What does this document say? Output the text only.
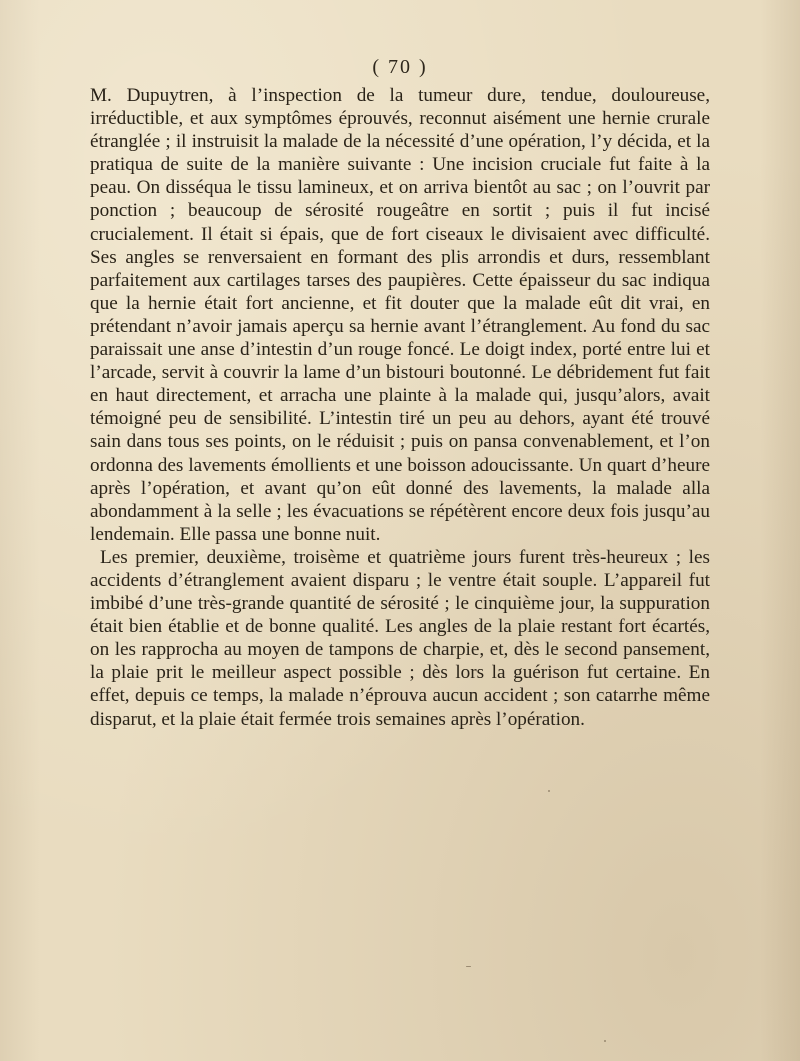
( 70 )

M. Dupuytren, à l’inspection de la tumeur dure, tendue, douloureuse, irréductible, et aux symptômes éprouvés, reconnut aisément une hernie crurale étranglée ; il instruisit la malade de la nécessité d’une opération, l’y décida, et la pratiqua de suite de la manière suivante : Une incision cruciale fut faite à la peau. On disséqua le tissu lamineux, et on arriva bientôt au sac ; on l’ouvrit par ponction ; beaucoup de sérosité rougeâtre en sortit ; puis il fut incisé crucialement. Il était si épais, que de fort ciseaux le divisaient avec difficulté. Ses angles se renversaient en formant des plis arrondis et durs, ressemblant parfaitement aux cartilages tarses des paupières. Cette épaisseur du sac indiqua que la hernie était fort ancienne, et fit douter que la malade eût dit vrai, en prétendant n’avoir jamais aperçu sa hernie avant l’étranglement. Au fond du sac paraissait une anse d’intestin d’un rouge foncé. Le doigt index, porté entre lui et l’arcade, servit à couvrir la lame d’un bistouri boutonné. Le débridement fut fait en haut directement, et arracha une plainte à la malade qui, jusqu’alors, avait témoigné peu de sensibilité. L’intestin tiré un peu au dehors, ayant été trouvé sain dans tous ses points, on le réduisit ; puis on pansa convenablement, et l’on ordonna des lavements émollients et une boisson adoucissante. Un quart d’heure après l’opération, et avant qu’on eût donné des lavements, la malade alla abondamment à la selle ; les évacuations se répétèrent encore deux fois jusqu’au lendemain. Elle passa une bonne nuit.

Les premier, deuxième, troisème et quatrième jours furent très-heureux ; les accidents d’étranglement avaient disparu ; le ventre était souple. L’appareil fut imbibé d’une très-grande quantité de sérosité ; le cinquième jour, la suppuration était bien établie et de bonne qualité. Les angles de la plaie restant fort écartés, on les rapprocha au moyen de tampons de charpie, et, dès le second pansement, la plaie prit le meilleur aspect possible ; dès lors la guérison fut certaine. En effet, depuis ce temps, la malade n’éprouva aucun accident ; son catarrhe même disparut, et la plaie était fermée trois semaines après l’opération.
